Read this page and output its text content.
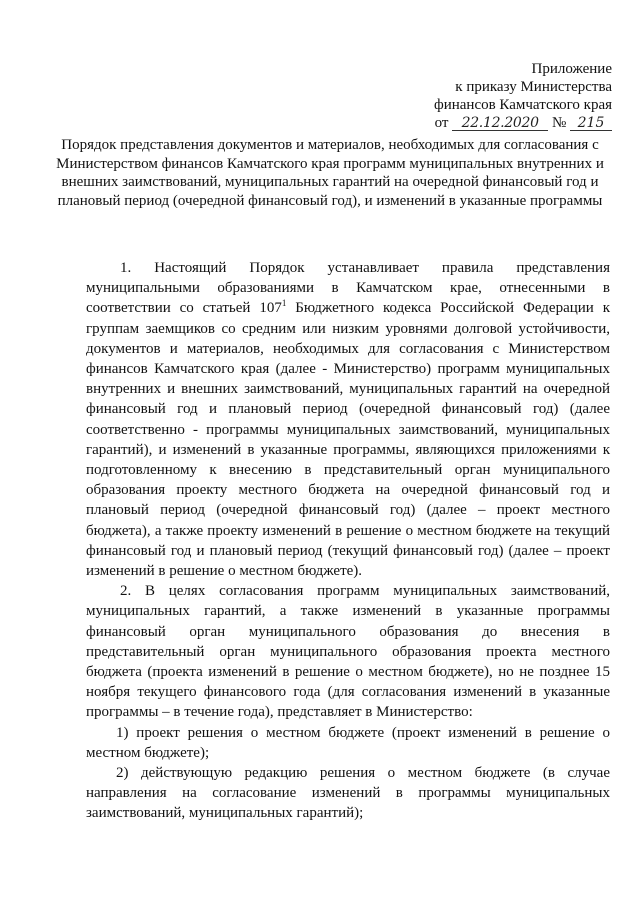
Приложение
к приказу Министерства
финансов Камчатского края
от 22.12.2020 № 215
Порядок представления документов и материалов, необходимых для согласования с Министерством финансов Камчатского края программ муниципальных внутренних и внешних заимствований, муниципальных гарантий на очередной финансовый год и плановый период (очередной финансовый год), и изменений в указанные программы

1. Настоящий Порядок устанавливает правила представления муниципальными образованиями в Камчатском крае, отнесенными в соответствии со статьей $107^1$ Бюджетного кодекса Российской Федерации к группам заемщиков со средним или низким уровнями долговой устойчивости, документов и материалов, необходимых для согласования с Министерством финансов Камчатского края (далее - Министерство) программ муниципальных внутренних и внешних заимствований, муниципальных гарантий на очередной финансовый год и плановый период (очередной финансовый год) (далее соответственно - программы муниципальных заимствований, муниципальных гарантий), и изменений в указанные программы, являющихся приложениями к подготовленному к внесению в представительный орган муниципального образования проекту местного бюджета на очередной финансовый год и плановый период (очередной финансовый год) (далее – проект местного бюджета), а также проекту изменений в решение о местном бюджете на текущий финансовый год и плановый период (текущий финансовый год) (далее – проект изменений в решение о местном бюджете).

2. В целях согласования программ муниципальных заимствований, муниципальных гарантий, а также изменений в указанные программы финансовый орган муниципального образования до внесения в представительный орган муниципального образования проекта местного бюджета (проекта изменений в решение о местном бюджете), но не позднее 15 ноября текущего финансового года (для согласования изменений в указанные программы – в течение года), представляет в Министерство:

1) проект решения о местном бюджете (проект изменений в решение о местном бюджете);

2) действующую редакцию решения о местном бюджете (в случае направления на согласование изменений в программы муниципальных заимствований, муниципальных гарантий);
